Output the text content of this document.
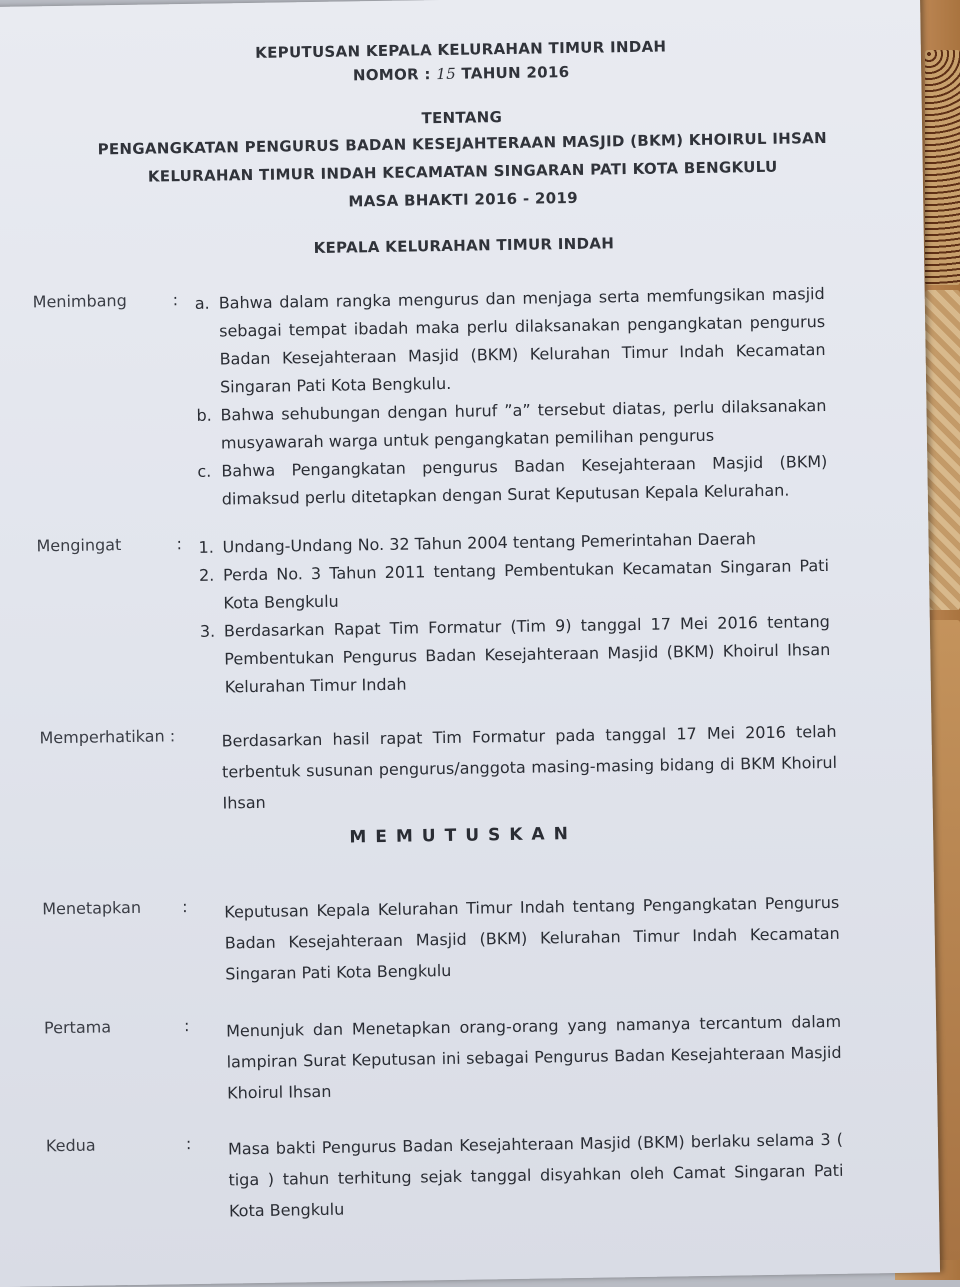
KEPUTUSAN KEPALA KELURAHAN TIMUR INDAH
NOMOR : 15 TAHUN 2016
TENTANG
PENGANGKATAN PENGURUS BADAN KESEJAHTERAAN MASJID (BKM) KHOIRUL IHSAN
KELURAHAN TIMUR INDAH KECAMATAN SINGARAN PATI KOTA BENGKULU
MASA BHAKTI 2016 - 2019
KEPALA KELURAHAN TIMUR INDAH
Menimbang	: a. Bahwa dalam rangka mengurus dan menjaga serta memfungsikan masjid sebagai tempat ibadah maka perlu dilaksanakan pengangkatan pengurus Badan Kesejahteraan Masjid (BKM) Kelurahan Timur Indah Kecamatan Singaran Pati Kota Bengkulu.
b. Bahwa sehubungan dengan huruf ”a” tersebut diatas, perlu dilaksanakan musyawarah warga untuk pengangkatan pemilihan pengurus
c. Bahwa Pengangkatan pengurus Badan Kesejahteraan Masjid (BKM) dimaksud perlu ditetapkan dengan Surat Keputusan Kepala Kelurahan.
Mengingat	: 1. Undang-Undang No. 32 Tahun 2004 tentang Pemerintahan Daerah
2. Perda No. 3 Tahun 2011 tentang Pembentukan Kecamatan Singaran Pati Kota Bengkulu
3. Berdasarkan Rapat Tim Formatur (Tim 9) tanggal 17 Mei 2016 tentang Pembentukan Pengurus Badan Kesejahteraan Masjid (BKM) Khoirul Ihsan Kelurahan Timur Indah
Memperhatikan :	Berdasarkan hasil rapat Tim Formatur pada tanggal 17 Mei 2016 telah terbentuk susunan pengurus/anggota masing-masing bidang di BKM Khoirul Ihsan
MEMUTUSKAN
Menetapkan	: Keputusan Kepala Kelurahan Timur Indah tentang Pengangkatan Pengurus Badan Kesejahteraan Masjid (BKM) Kelurahan Timur Indah Kecamatan Singaran Pati Kota Bengkulu
Pertama	: Menunjuk dan Menetapkan orang-orang yang namanya tercantum dalam lampiran Surat Keputusan ini sebagai Pengurus Badan Kesejahteraan Masjid Khoirul Ihsan
Kedua	: Masa bakti Pengurus Badan Kesejahteraan Masjid (BKM) berlaku selama 3 ( tiga ) tahun terhitung sejak tanggal disyahkan oleh Camat Singaran Pati Kota Bengkulu
